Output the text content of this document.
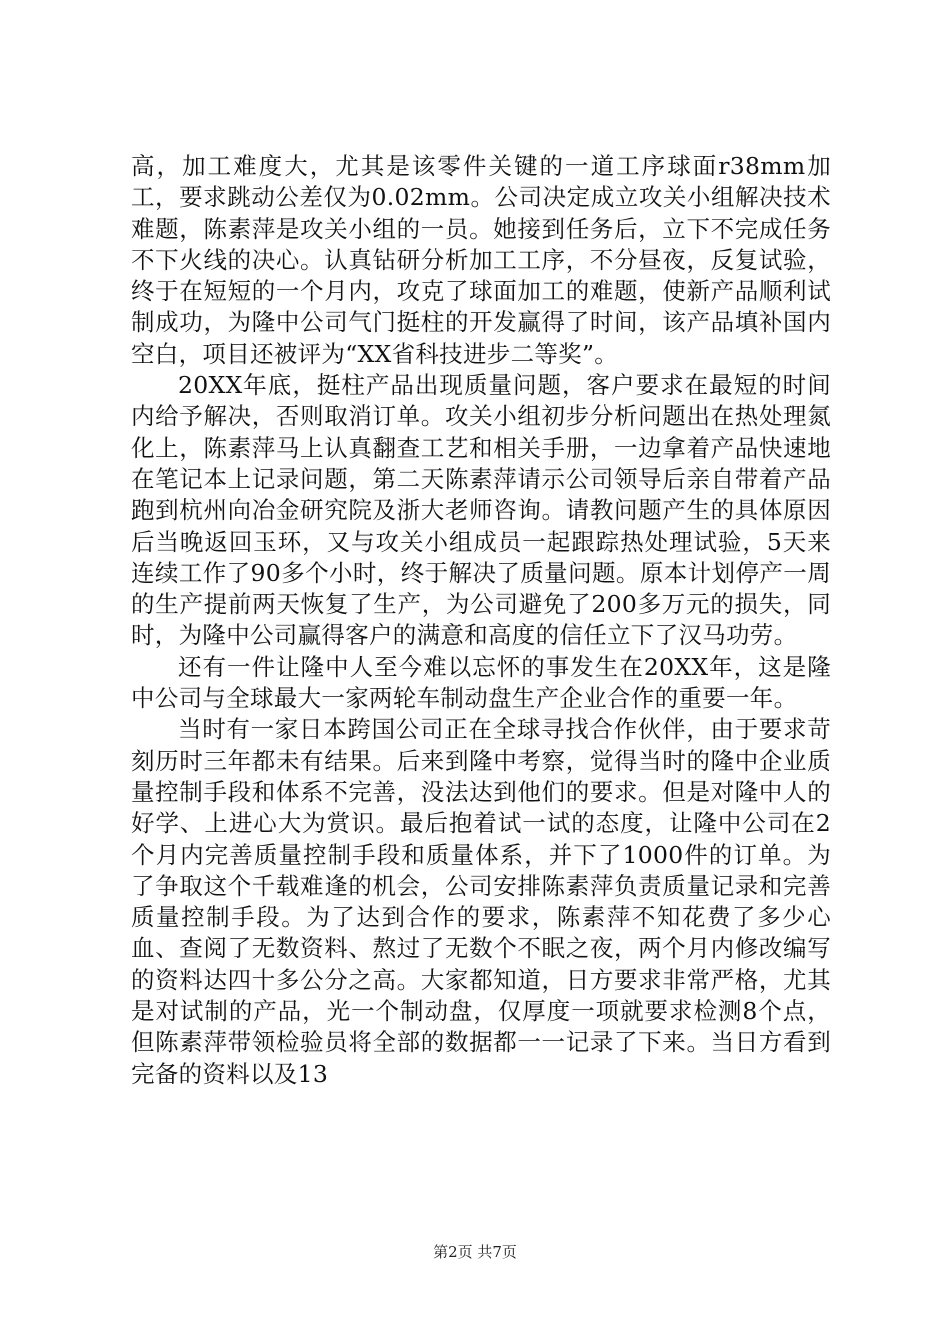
高，加工难度大，尤其是该零件关键的一道工序球面r38mm加工，要求跳动公差仅为0.02mm。公司决定成立攻关小组解决技术难题，陈素萍是攻关小组的一员。她接到任务后，立下不完成任务不下火线的决心。认真钻研分析加工工序，不分昼夜，反复试验，终于在短短的一个月内，攻克了球面加工的难题，使新产品顺利试制成功，为隆中公司气门挺柱的开发赢得了时间，该产品填补国内空白，项目还被评为“XX省科技进步二等奖”。

20XX年底，挺柱产品出现质量问题，客户要求在最短的时间内给予解决，否则取消订单。攻关小组初步分析问题出在热处理氮化上，陈素萍马上认真翻查工艺和相关手册，一边拿着产品快速地在笔记本上记录问题，第二天陈素萍请示公司领导后亲自带着产品跑到杭州向冶金研究院及浙大老师咨询。请教问题产生的具体原因后当晚返回玉环，又与攻关小组成员一起跟踪热处理试验，5天来连续工作了90多个小时，终于解决了质量问题。原本计划停产一周的生产提前两天恢复了生产，为公司避免了200多万元的损失，同时，为隆中公司赢得客户的满意和高度的信任立下了汉马功劳。

还有一件让隆中人至今难以忘怀的事发生在20XX年，这是隆中公司与全球最大一家两轮车制动盘生产企业合作的重要一年。

当时有一家日本跨国公司正在全球寻找合作伙伴，由于要求苛刻历时三年都未有结果。后来到隆中考察，觉得当时的隆中企业质量控制手段和体系不完善，没法达到他们的要求。但是对隆中人的好学、上进心大为赏识。最后抱着试一试的态度，让隆中公司在2个月内完善质量控制手段和质量体系，并下了1000件的订单。为了争取这个千载难逢的机会，公司安排陈素萍负责质量记录和完善质量控制手段。为了达到合作的要求，陈素萍不知花费了多少心血、查阅了无数资料、熬过了无数个不眠之夜，两个月内修改编写的资料达四十多公分之高。大家都知道，日方要求非常严格，尤其是对试制的产品，光一个制动盘，仅厚度一项就要求检测8个点，但陈素萍带领检验员将全部的数据都一一记录了下来。当日方看到完备的资料以及13

第2页 共7页
